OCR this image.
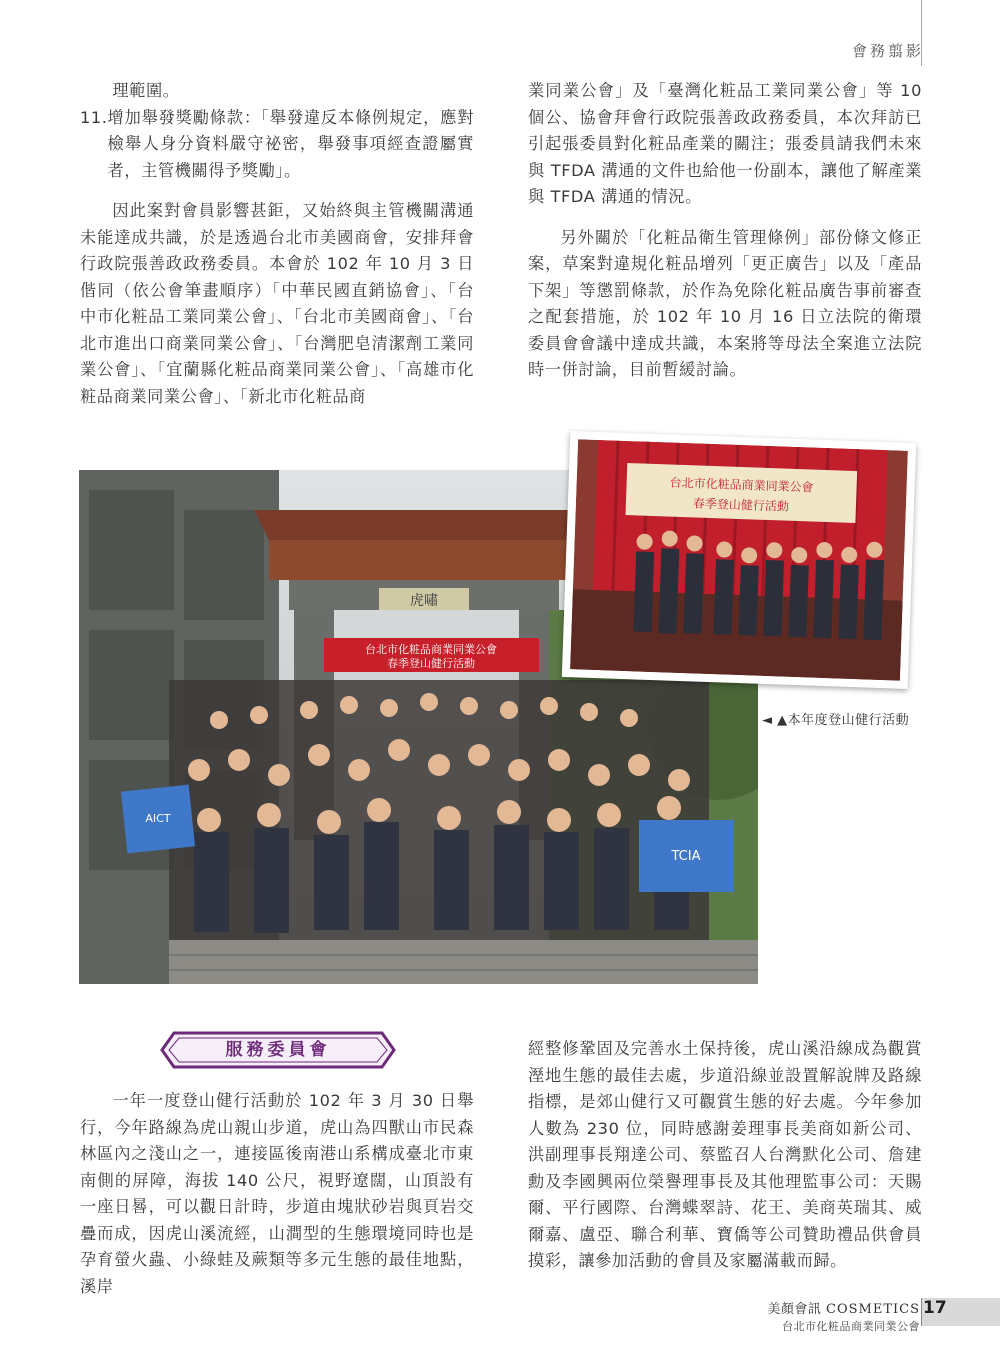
會務翦影

理範圍。

11. 增加舉發獎勵條款：「舉發違反本條例規定，應對檢舉人身分資料嚴守祕密，舉發事項經查證屬實者，主管機關得予獎勵」。

因此案對會員影響甚鉅，又始終與主管機關溝通未能達成共識，於是透過台北市美國商會，安排拜會行政院張善政政務委員。本會於 102 年 10 月 3 日偕同（依公會筆畫順序）「中華民國直銷協會」、「台中市化粧品工業同業公會」、「台北市美國商會」、「台北市進出口商業同業公會」、「台灣肥皂清潔劑工業同業公會」、「宜蘭縣化粧品商業同業公會」、「高雄市化粧品商業同業公會」、「新北市化粧品商

業同業公會」及「臺灣化粧品工業同業公會」等 10 個公、協會拜會行政院張善政政務委員，本次拜訪已引起張委員對化粧品產業的關注；張委員請我們未來與 TFDA 溝通的文件也給他一份副本，讓他了解產業與 TFDA 溝通的情況。

另外關於「化粧品衛生管理條例」部份條文修正案，草案對違規化粧品增列「更正廣告」以及「產品下架」等懲罰條款，於作為免除化粧品廣告事前審查之配套措施，於 102 年 10 月 16 日立法院的衛環委員會會議中達成共識，本案將等母法全案進立法院時一併討論，目前暫緩討論。

虎嘯
台北市化粧品商業同業公會
春季登山健行活動
AICT
TCIA
台北市化粧品商業同業公會
春季登山健行活動
◄ ▲本年度登山健行活動
服務委員會

一年一度登山健行活動於 102 年 3 月 30 日舉行，今年路線為虎山親山步道，虎山為四獸山市民森林區內之淺山之一，連接區後南港山系構成臺北市東南側的屏障，海拔 140 公尺，視野遼闊，山頂設有一座日晷，可以觀日計時，步道由塊狀砂岩與頁岩交疊而成，因虎山溪流經，山澗型的生態環境同時也是孕育螢火蟲、小綠蛙及蕨類等多元生態的最佳地點，溪岸

經整修鞏固及完善水土保持後，虎山溪沿線成為觀賞溼地生態的最佳去處，步道沿線並設置解說牌及路線指標，是郊山健行又可觀賞生態的好去處。今年參加人數為 230 位，同時感謝姜理事長美商如新公司、洪副理事長翔達公司、蔡監召人台灣默化公司、詹建勳及李國興兩位榮譽理事長及其他理監事公司：天賜爾、平行國際、台灣蝶翠詩、花王、美商英瑞其、威爾嘉、盧亞、聯合利華、寶僑等公司贊助禮品供會員摸彩，讓參加活動的會員及家屬滿載而歸。

美顏會訊 COSMETICS
台北市化粧品商業同業公會
17
